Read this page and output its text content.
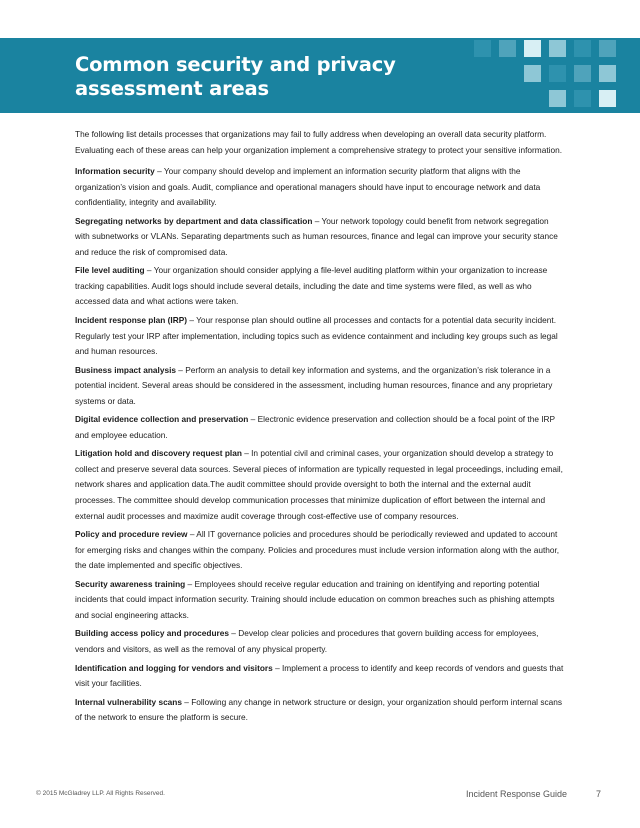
Common security and privacy
assessment areas

The following list details processes that organizations may fail to fully address when developing an overall data security platform. Evaluating each of these areas can help your organization implement a comprehensive strategy to protect your sensitive information.

Information security – Your company should develop and implement an information security platform that aligns with the organization’s vision and goals. Audit, compliance and operational managers should have input to encourage network and data confidentiality, integrity and availability.

Segregating networks by department and data classification – Your network topology could benefit from network segregation with subnetworks or VLANs. Separating departments such as human resources, finance and legal can improve your security stance and reduce the risk of compromised data.

File level auditing – Your organization should consider applying a file-level auditing platform within your organization to increase tracking capabilities. Audit logs should include several details, including the date and time systems were filed, as well as who accessed data and what actions were taken.

Incident response plan (IRP) – Your response plan should outline all processes and contacts for a potential data security incident. Regularly test your IRP after implementation, including topics such as evidence containment and including key groups such as legal and human resources.

Business impact analysis – Perform an analysis to detail key information and systems, and the organization’s risk tolerance in a potential incident. Several areas should be considered in the assessment, including human resources, finance and any proprietary systems or data.

Digital evidence collection and preservation – Electronic evidence preservation and collection should be a focal point of the IRP and employee education.

Litigation hold and discovery request plan – In potential civil and criminal cases, your organization should develop a strategy to collect and preserve several data sources. Several pieces of information are typically requested in legal proceedings, including email, network shares and application data.The audit committee should provide oversight to both the internal and the external audit processes. The committee should develop communication processes that minimize duplication of effort between the internal and external audit processes and maximize audit coverage through cost-effective use of company resources.

Policy and procedure review – All IT governance policies and procedures should be periodically reviewed and updated to account for emerging risks and changes within the company. Policies and procedures must include version information along with the author, the date implemented and specific objectives.

Security awareness training – Employees should receive regular education and training on identifying and reporting potential incidents that could impact information security. Training should include education on common breaches such as phishing attempts and social engineering attacks.

Building access policy and procedures – Develop clear policies and procedures that govern building access for employees, vendors and visitors, as well as the removal of any physical property.

Identification and logging for vendors and visitors – Implement a process to identify and keep records of vendors and guests that visit your facilities.

Internal vulnerability scans – Following any change in network structure or design, your organization should perform internal scans of the network to ensure the platform is secure.

© 2015 McGladrey LLP. All Rights Reserved.	Incident Response Guide	7
